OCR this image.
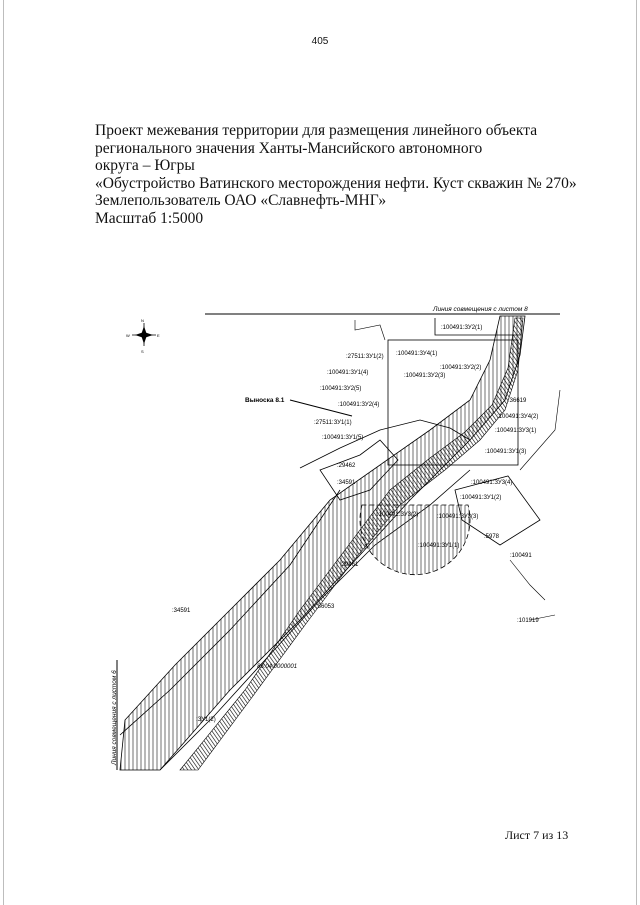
405
Проект межевания территории для размещения линейного объекта
регионального значения Ханты-Мансийского автономного
округа – Югры
«Обустройство Ватинского месторождения нефти. Куст скважин № 270»
Землепользователь ОАО «Славнефть-МНГ»
Масштаб 1:5000
N
S
W	E
Линия совмещения с листом 8
Линия совмещения с листом 6
Выноска 8.1
:100491:ЗУ2(1)
:100491:ЗУ4(1)
:27511:ЗУ1(2)
:100491:ЗУ2(2)
:100491:ЗУ1(4)	:100491:ЗУ2(3)
:100491:ЗУ2(5)
:100491:ЗУ2(4)
:36619
:100491:ЗУ4(2)
:27511:ЗУ1(1)
:100491:ЗУ3(1)
:100491:ЗУ1(5)
:100491:ЗУ1(3)
:29462
:100491:ЗУ3(4)
:34591
:100491:ЗУ1(2)
:100491:ЗУ3(2)	:100491:ЗУ3(3)
:5978
:100491:ЗУ1(1)
:100491
:29461
:34591
:36053
:101919
86:04:0000001
:ЗУ1(2)
Лист 7 из 13
